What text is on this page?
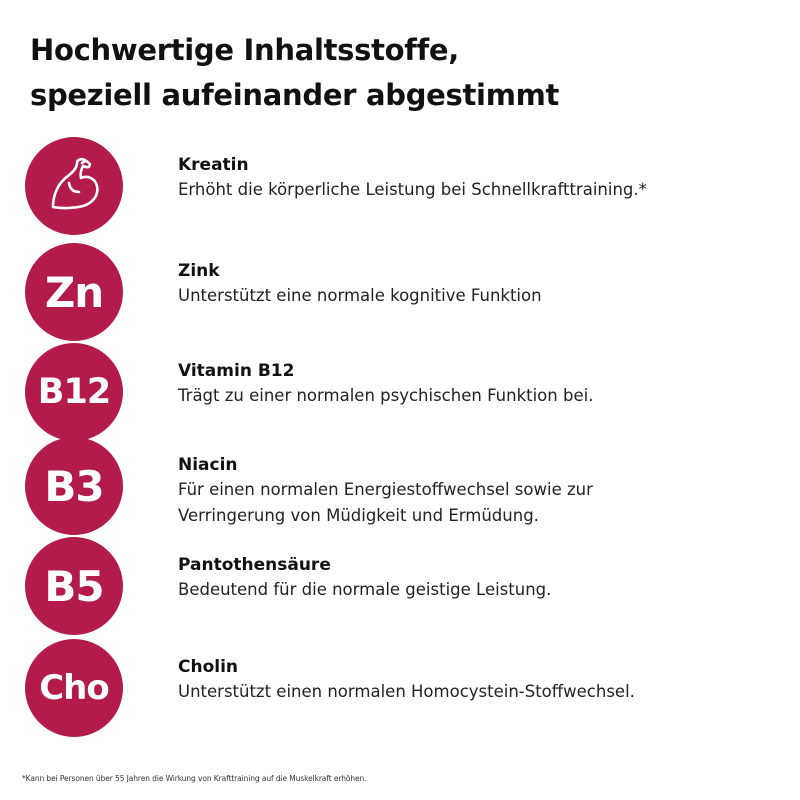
Hochwertige Inhaltsstoffe,
speziell aufeinander abgestimmt
Kreatin
Erhöht die körperliche Leistung bei Schnellkrafttraining.*
Zn	Zink
Unterstützt eine normale kognitive Funktion
B12
Vitamin B12
Trägt zu einer normalen psychischen Funktion bei.
B3	Niacin
Für einen normalen Energiestoffwechsel sowie zur
Verringerung von Müdigkeit und Ermüdung.
B5	Pantothensäure
Bedeutend für die normale geistige Leistung.
Cho
Cholin
Unterstützt einen normalen Homocystein-Stoffwechsel.
*Kann bei Personen über 55 Jahren die Wirkung von Krafttraining auf die Muskelkraft erhöhen.
